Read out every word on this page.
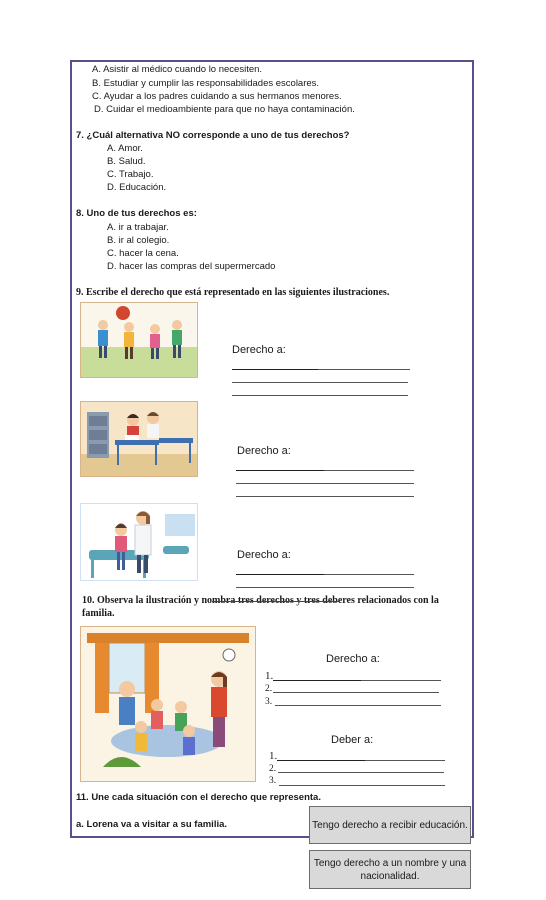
A. Asistir al médico cuando lo necesiten.
B. Estudiar y cumplir las responsabilidades escolares.
C. Ayudar a los padres cuidando a sus hermanos menores.
D. Cuidar el medioambiente para que no haya contaminación.
7. ¿Cuál alternativa NO corresponde a uno de tus derechos?
A. Amor.
B. Salud.
C. Trabajo.
D. Educación.
8. Uno de tus derechos es:
A. ir a trabajar.
B. ir al colegio.
C. hacer la cena.
D. hacer las compras del supermercado
9. Escribe el derecho que está representado en las siguientes ilustraciones.
Derecho a:
Derecho a:
Derecho a:
10. Observa la ilustración y nombra tres derechos y tres deberes relacionados con la
familia.
Derecho a:
1.
2.
3.
Deber a:
1.
2.
3.
11. Une cada situación con el derecho que representa.
a. Lorena va a visitar a su familia.	Tengo derecho a recibir educación.
Tengo derecho a un nombre y una
nacionalidad.
